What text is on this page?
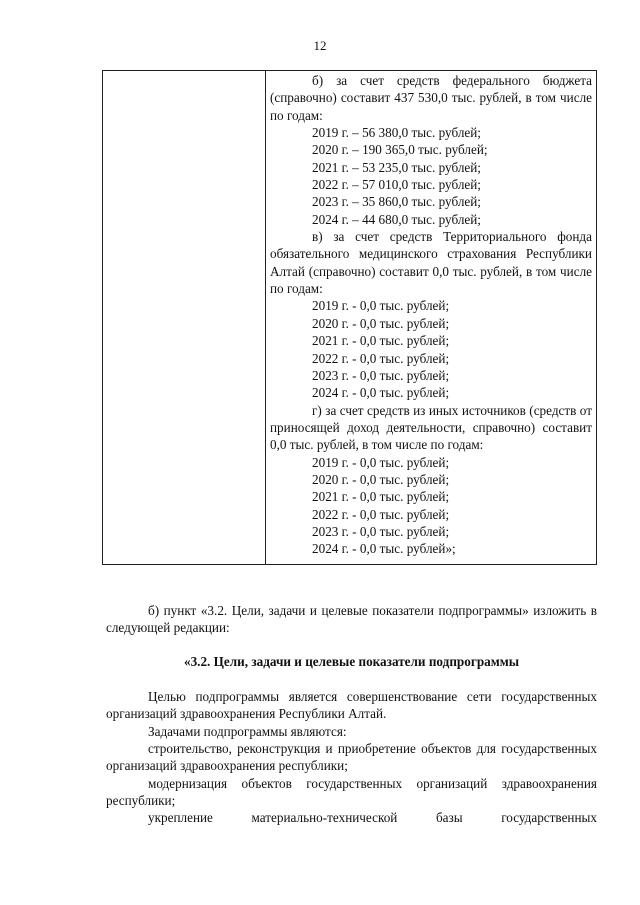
12

б) за счет средств федерального бюджета (справочно) составит 437 530,0 тыс. рублей, в том числе по годам:
2019 г. – 56 380,0 тыс. рублей;
2020 г. – 190 365,0 тыс. рублей;
2021 г. – 53 235,0 тыс. рублей;
2022 г. – 57 010,0 тыс. рублей;
2023 г. – 35 860,0 тыс. рублей;
2024 г. – 44 680,0 тыс. рублей;
в) за счет средств Территориального фонда обязательного медицинского страхования Республики Алтай (справочно) составит 0,0 тыс. рублей, в том числе по годам:
2019 г. - 0,0 тыс. рублей;
2020 г. - 0,0 тыс. рублей;
2021 г. - 0,0 тыс. рублей;
2022 г. - 0,0 тыс. рублей;
2023 г. - 0,0 тыс. рублей;
2024 г. - 0,0 тыс. рублей;
г) за счет средств из иных источников (средств от приносящей доход деятельности, справочно) составит 0,0 тыс. рублей, в том числе по годам:
2019 г. - 0,0 тыс. рублей;
2020 г. - 0,0 тыс. рублей;
2021 г. - 0,0 тыс. рублей;
2022 г. - 0,0 тыс. рублей;
2023 г. - 0,0 тыс. рублей;
2024 г. - 0,0 тыс. рублей»;

б) пункт «3.2. Цели, задачи и целевые показатели подпрограммы» изложить в следующей редакции:

«3.2. Цели, задачи и целевые показатели подпрограммы

Целью подпрограммы является совершенствование сети государственных организаций здравоохранения Республики Алтай.

Задачами подпрограммы являются:

строительство, реконструкция и приобретение объектов для государственных организаций здравоохранения республики;

модернизация объектов государственных организаций здравоохранения республики;

укрепление материально-технической базы государственных
